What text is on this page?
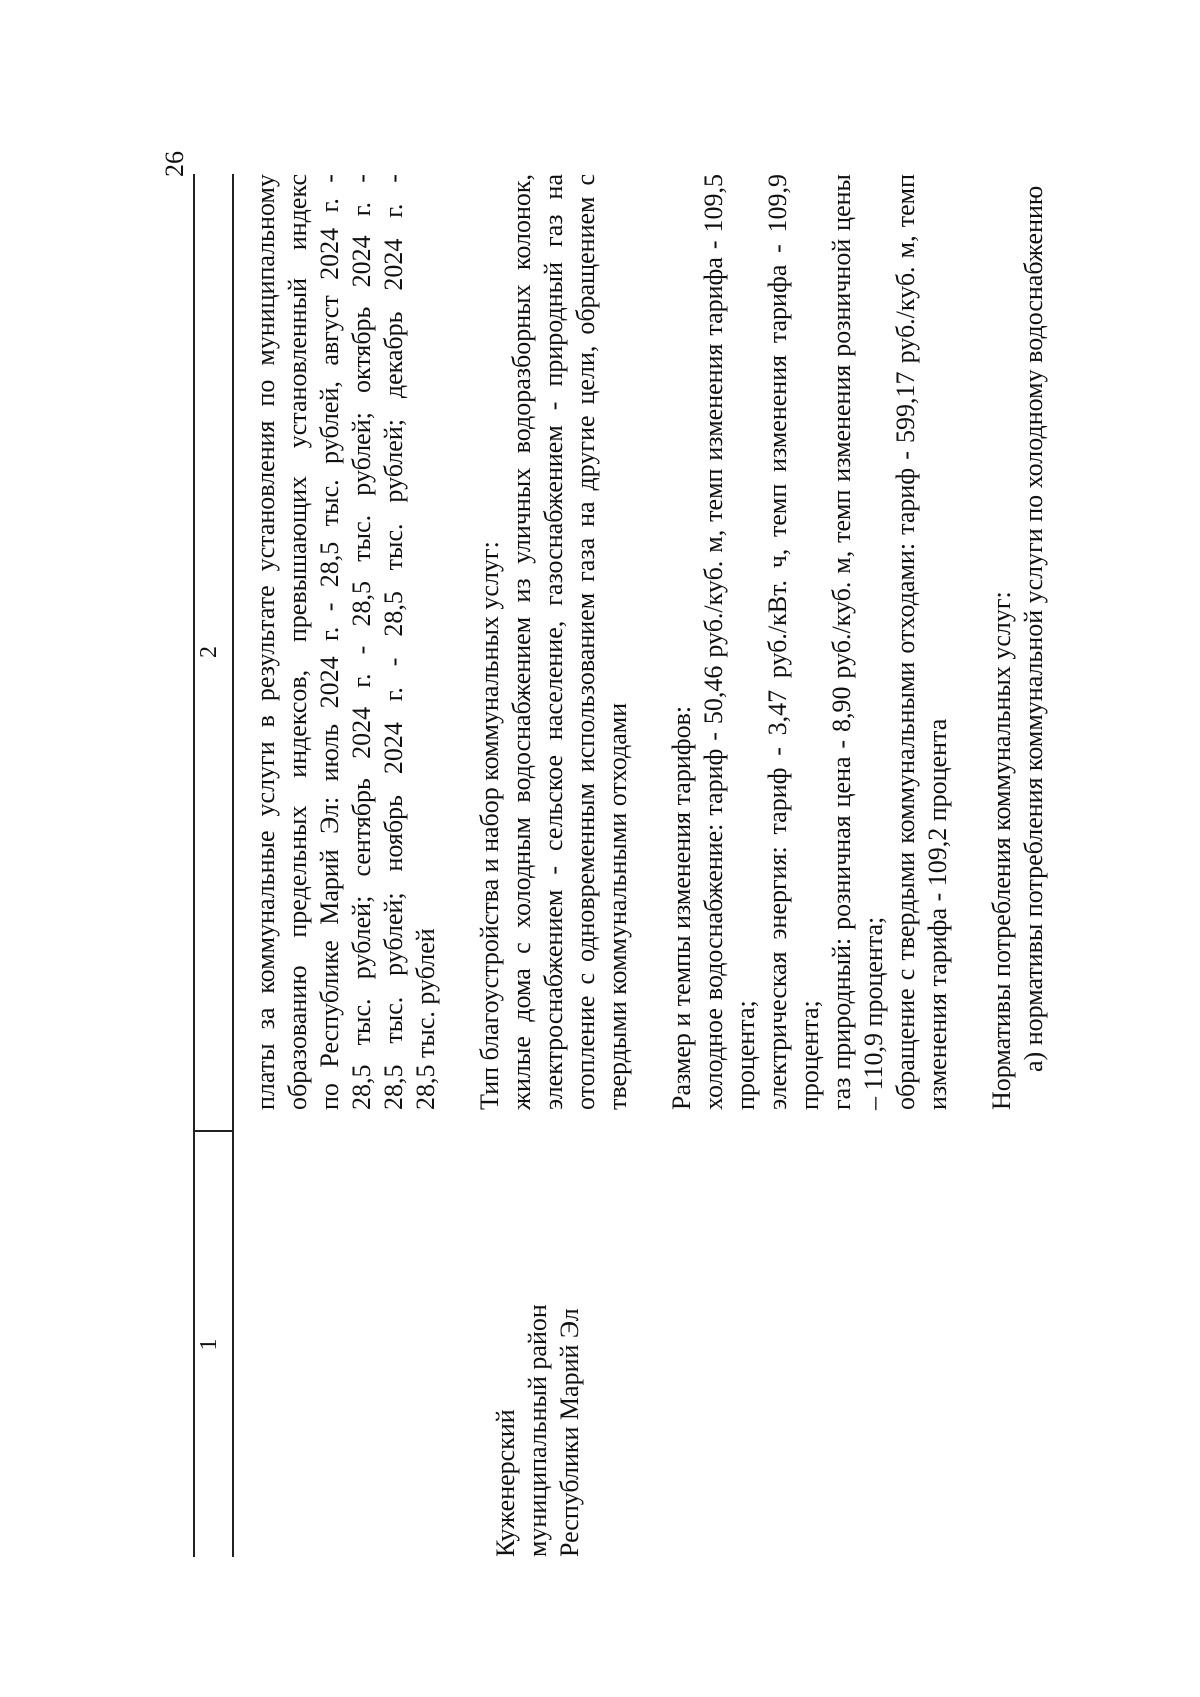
26
1
2
Куженерский муниципальный район Республики Марий Эл
платы
за
коммунальные
услуги
в
результате
установления
по
муниципальному
образованию
предельных
индексов,
превышающих
установленный
индекс
по
Республике
Марий
Эл:
июль
2024
г.
-
28,5
тыс.
рублей,
август
2024
г.
-
28,5
тыс.
рублей;
сентябрь
2024
г.
-
28,5
тыс.
рублей;
октябрь
2024
г.
-
28,5
тыс.
рублей;
ноябрь
2024
г.
-
28,5
тыс.
рублей;
декабрь
2024
г.
-
28,5 тыс. рублей Тип благоустройства и набор коммунальных услуг: жилые дома с холодным водоснабжением из уличных водоразборных колонок, электроснабжением - сельское население, газоснабжением - природный газ на отопление с одновременным использованием газа на другие цели, обращением с твердыми коммунальными отходами Размер и темпы изменения тарифов: холодное водоснабжение: тариф - 50,46 руб./куб. м, темп изменения тарифа - 109,5 процента; электрическая энергия: тариф - 3,47 руб./кВт. ч, темп изменения тарифа - 109,9 процента; газ природный: розничная цена - 8,90 руб./куб. м, темп изменения розничной цены – 110,9 процента; обращение с твердыми коммунальными отходами: тариф - 599,17 руб./куб. м, темп изменения тарифа - 109,2 процента Нормативы потребления коммунальных услуг: а) нормативы потребления коммунальной услуги по холодному водоснабжению
